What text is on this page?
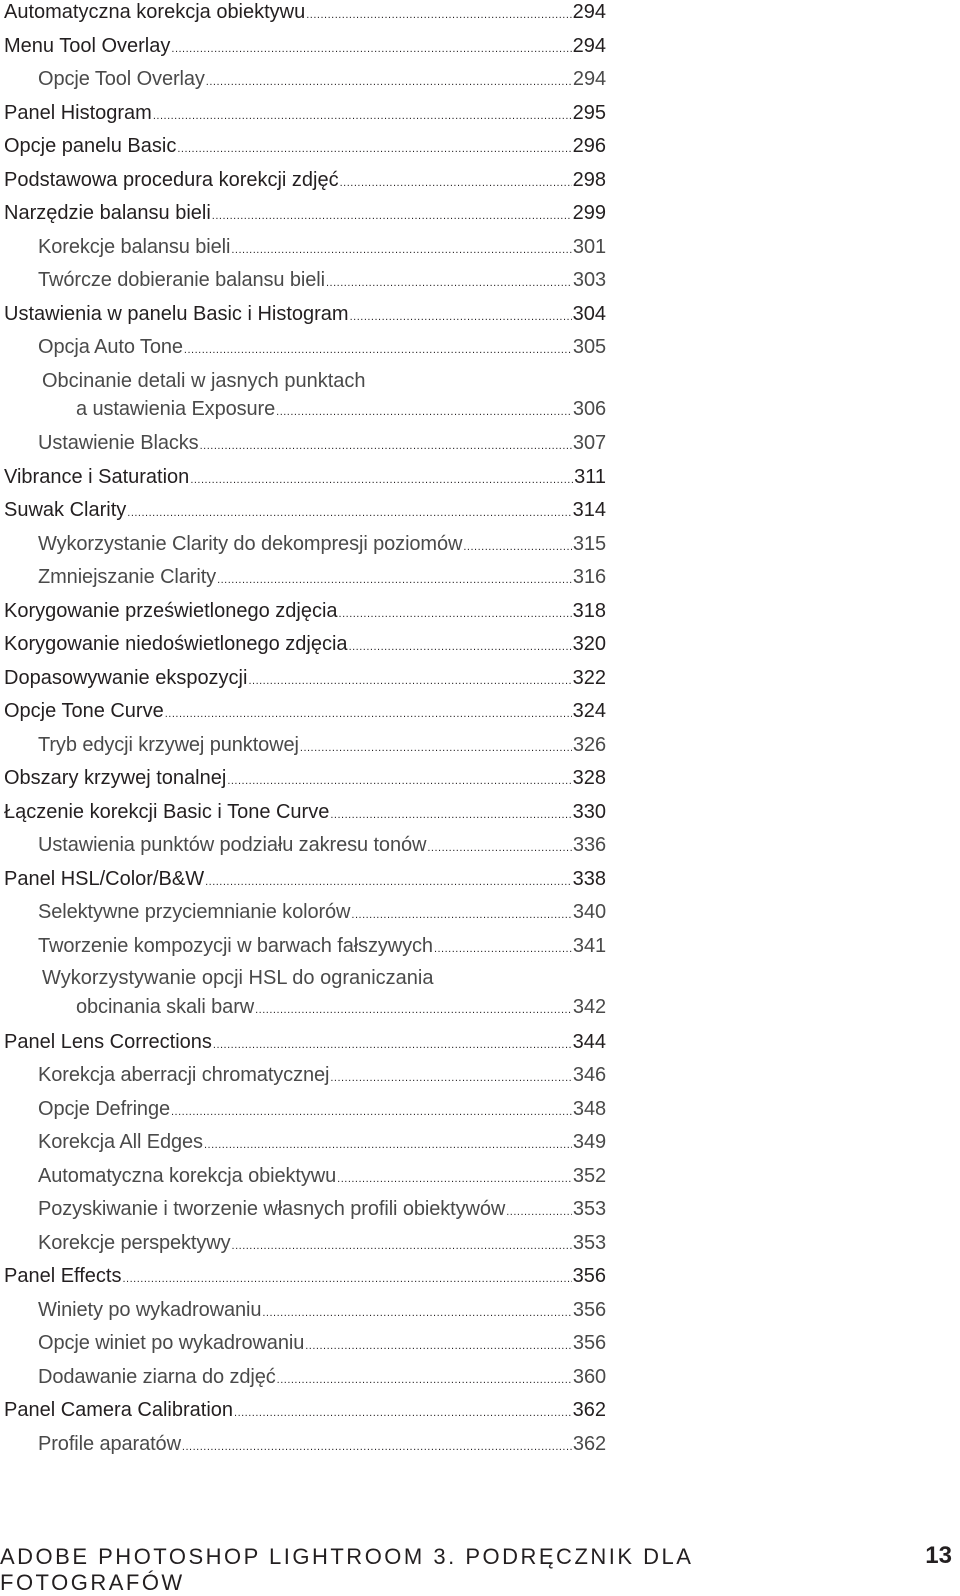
Automatyczna korekcja obiektywu .....	294
Menu Tool Overlay .....	294
Opcje Tool Overlay .....	294
Panel Histogram .....	295
Opcje panelu Basic .....	296
Podstawowa procedura korekcji zdjęć .....	298
Narzędzie balansu bieli .....	299
Korekcje balansu bieli .....	301
Twórcze dobieranie balansu bieli .....	303
Ustawienia w panelu Basic i Histogram .....	304
Opcja Auto Tone .....	305
Obcinanie detali w jasnych punktach
a ustawienia Exposure .....	306
Ustawienie Blacks .....	307
Vibrance i Saturation .....	311
Suwak Clarity .....	314
Wykorzystanie Clarity do dekompresji poziomów .....	315
Zmniejszanie Clarity .....	316
Korygowanie prześwietlonego zdjęcia .....	318
Korygowanie niedoświetlonego zdjęcia .....	320
Dopasowywanie ekspozycji .....	322
Opcje Tone Curve .....	324
Tryb edycji krzywej punktowej .....	326
Obszary krzywej tonalnej .....	328
Łączenie korekcji Basic i Tone Curve .....	330
Ustawienia punktów podziału zakresu tonów .....	336
Panel HSL/Color/B&W .....	338
Selektywne przyciemnianie kolorów .....	340
Tworzenie kompozycji w barwach fałszywych .....	341
Wykorzystywanie opcji HSL do ograniczania
obcinania skali barw .....	342
Panel Lens Corrections .....	344
Korekcja aberracji chromatycznej .....	346
Opcje Defringe .....	348
Korekcja All Edges .....	349
Automatyczna korekcja obiektywu .....	352
Pozyskiwanie i tworzenie własnych profili obiektywów .....	353
Korekcje perspektywy .....	353
Panel Effects .....	356
Winiety po wykadrowaniu .....	356
Opcje winiet po wykadrowaniu .....	356
Dodawanie ziarna do zdjęć .....	360
Panel Camera Calibration .....	362
Profile aparatów .....	362
ADOBE PHOTOSHOP LIGHTROOM 3. PODRĘCZNIK DLA FOTOGRAFÓW
13
